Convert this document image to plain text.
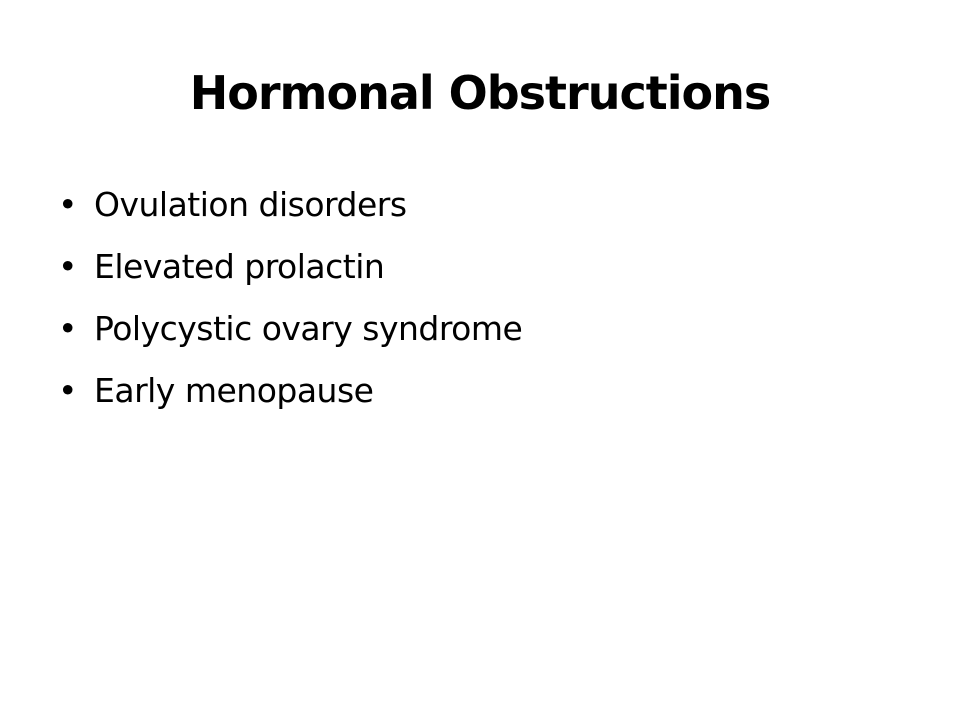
Hormonal Obstructions
• Ovulation disorders
• Elevated prolactin
• Polycystic ovary syndrome
• Early menopause
